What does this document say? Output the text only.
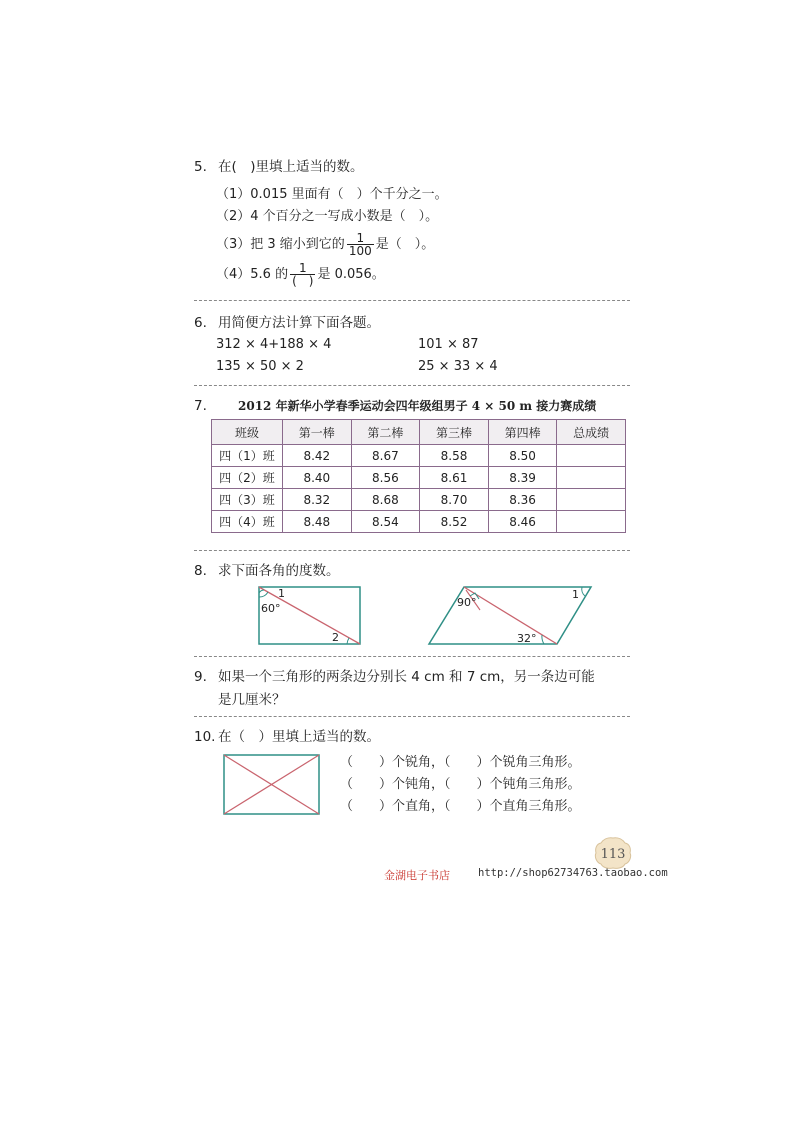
5. 在( )里填上适当的数。
（1）0.015 里面有（ ）个千分之一。
（2）4 个百分之一写成小数是（ ）。
（3）把 3 缩小到它的 $\frac{1}{100}$ 是（ ）。
（4）5.6 的 $\frac{1}{( )}$ 是 0.056。
6. 用简便方法计算下面各题。
312 × 4+188 × 4	101 × 87
135 × 50 × 2	25 × 33 × 4
7.	2012 年新华小学春季运动会四年级组男子 4 × 50 m 接力赛成绩
班级	第一棒	第二棒	第三棒	第四棒	总成绩
四（1）班	8.42	8.67	8.58	8.50	
四（2）班	8.40	8.56	8.61	8.39	
四（3）班	8.32	8.68	8.70	8.36	
四（4）班	8.48	8.54	8.52	8.46	
8. 求下面各角的度数。
1
60°
2
90°
1
32°
9. 如果一个三角形的两条边分别长 4 cm 和 7 cm，另一条边可能
是几厘米？
10. 在（ ）里填上适当的数。
（  ）个锐角，（  ）个锐角三角形。
（  ）个钝角，（  ）个钝角三角形。
（  ）个直角，（  ）个直角三角形。
113
金湖电子书店	http://shop62734763.taobao.com
